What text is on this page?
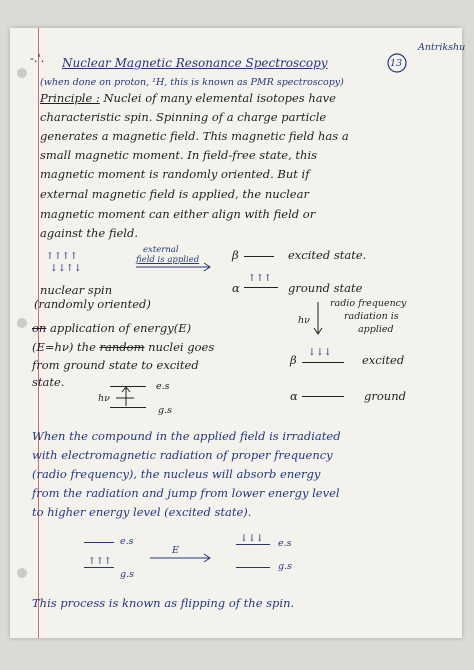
Antrikshu
13
-.'. Nuclear Magnetic Resonance Spectroscopy
(when done on proton, ¹H, this is known as PMR spectroscopy)
Principle : Nuclei of many elemental isotopes have
characteristic spin. Spinning of a charge particle
generates a magnetic field. This magnetic field has a
small magnetic moment. In field-free state, this
magnetic moment is randomly oriented. But if
external magnetic field is applied, the nuclear
magnetic moment can either align with field or
against the field.
↑↑↑↑
↓↓↑↓
external
field is applied	β	excited state.
α
↑↑↑
ground state
nuclear spin
(randomly oriented)
hν
radio frequency
radiation is
applied
β
↓↓↓
excited
α	ground
on application of energy(E)
(E=hν) the random nuclei goes
from ground state to excited
state.	e.s
hν
g.s
When the compound in the applied field is irradiated
with electromagnetic radiation of proper frequency
(radio frequency), the nucleus will absorb energy
from the radiation and jump from lower energy level
to higher energy level (excited state).
e.s
↑↑↑
g.s
E
↓↓↓ e.s
g.s
This process is known as flipping of the spin.
